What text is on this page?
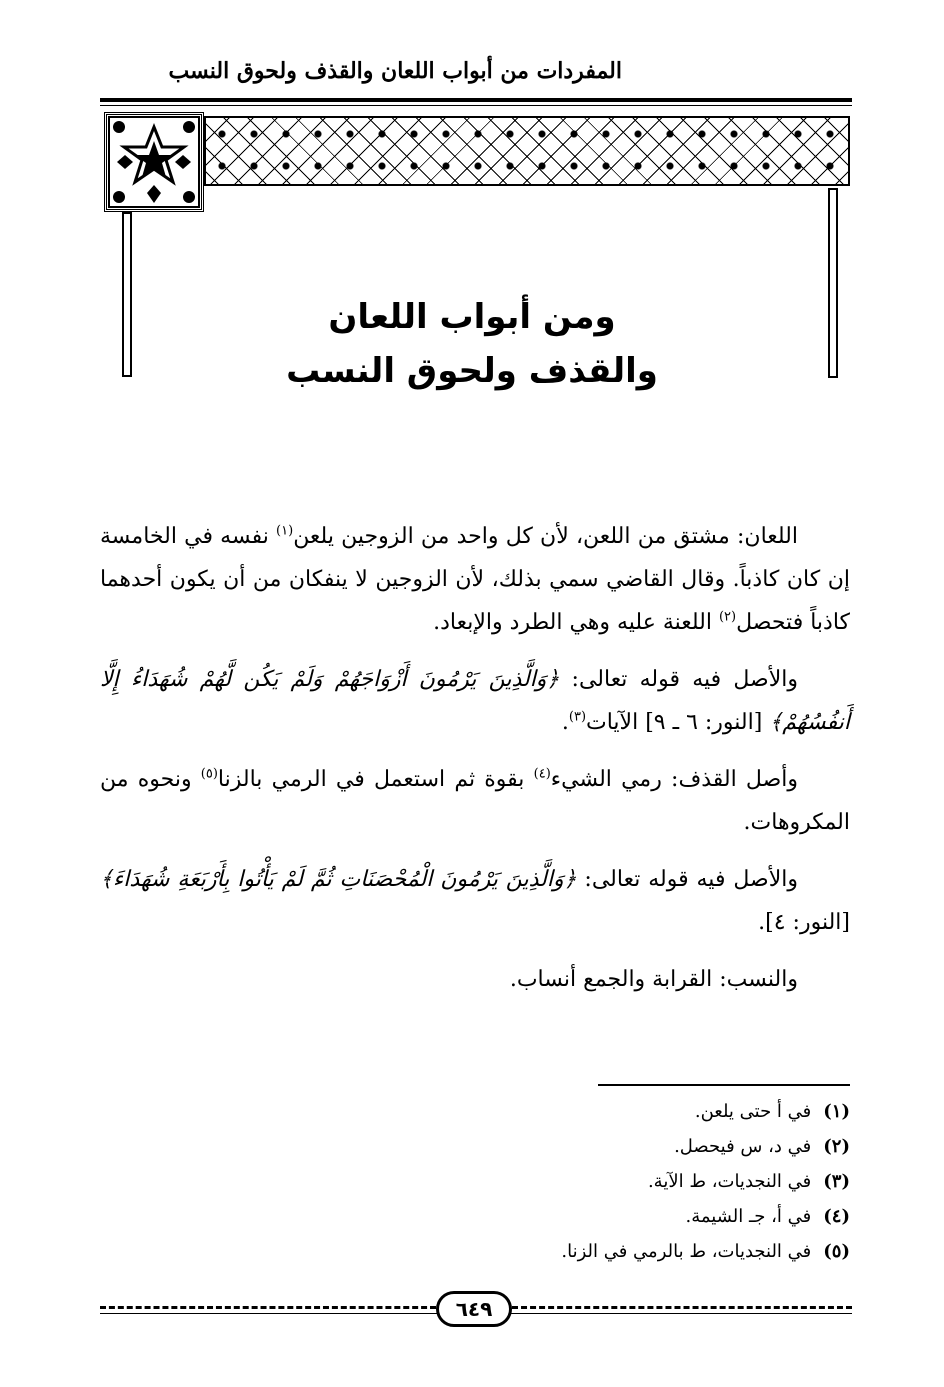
المفردات من أبواب اللعان والقذف ولحوق النسب
ومن أبواب اللعان
والقذف ولحوق النسب

اللعان: مشتق من اللعن، لأن كل واحد من الزوجين يلعن$^{(١)}$ نفسه في الخامسة إن كان كاذباً. وقال القاضي سمي بذلك، لأن الزوجين لا ينفكان من أن يكون أحدهما كاذباً فتحصل$^{(٢)}$ اللعنة عليه وهي الطرد والإبعاد.

والأصل فيه قوله تعالى: ﴿وَالَّذِينَ يَرْمُونَ أَزْوَاجَهُمْ وَلَمْ يَكُن لَّهُمْ شُهَدَاءُ إِلَّا أَنفُسُهُمْ﴾ [النور: ٦ ـ ٩] الآيات$^{(٣)}$.

وأصل القذف: رمي الشيء$^{(٤)}$ بقوة ثم استعمل في الرمي بالزنا$^{(٥)}$ ونحوه من المكروهات.

والأصل فيه قوله تعالى: ﴿وَالَّذِينَ يَرْمُونَ الْمُحْصَنَاتِ ثُمَّ لَمْ يَأْتُوا بِأَرْبَعَةِ شُهَدَاءَ﴾ [النور: ٤].

والنسب: القرابة والجمع أنساب.

(١)في أ حتى يلعن.
(٢)في د، س فيحصل.
(٣)في النجديات، ط الآية.
(٤)في أ، جـ الشيمة.
(٥)في النجديات، ط بالرمي في الزنا.
٦٤٩
